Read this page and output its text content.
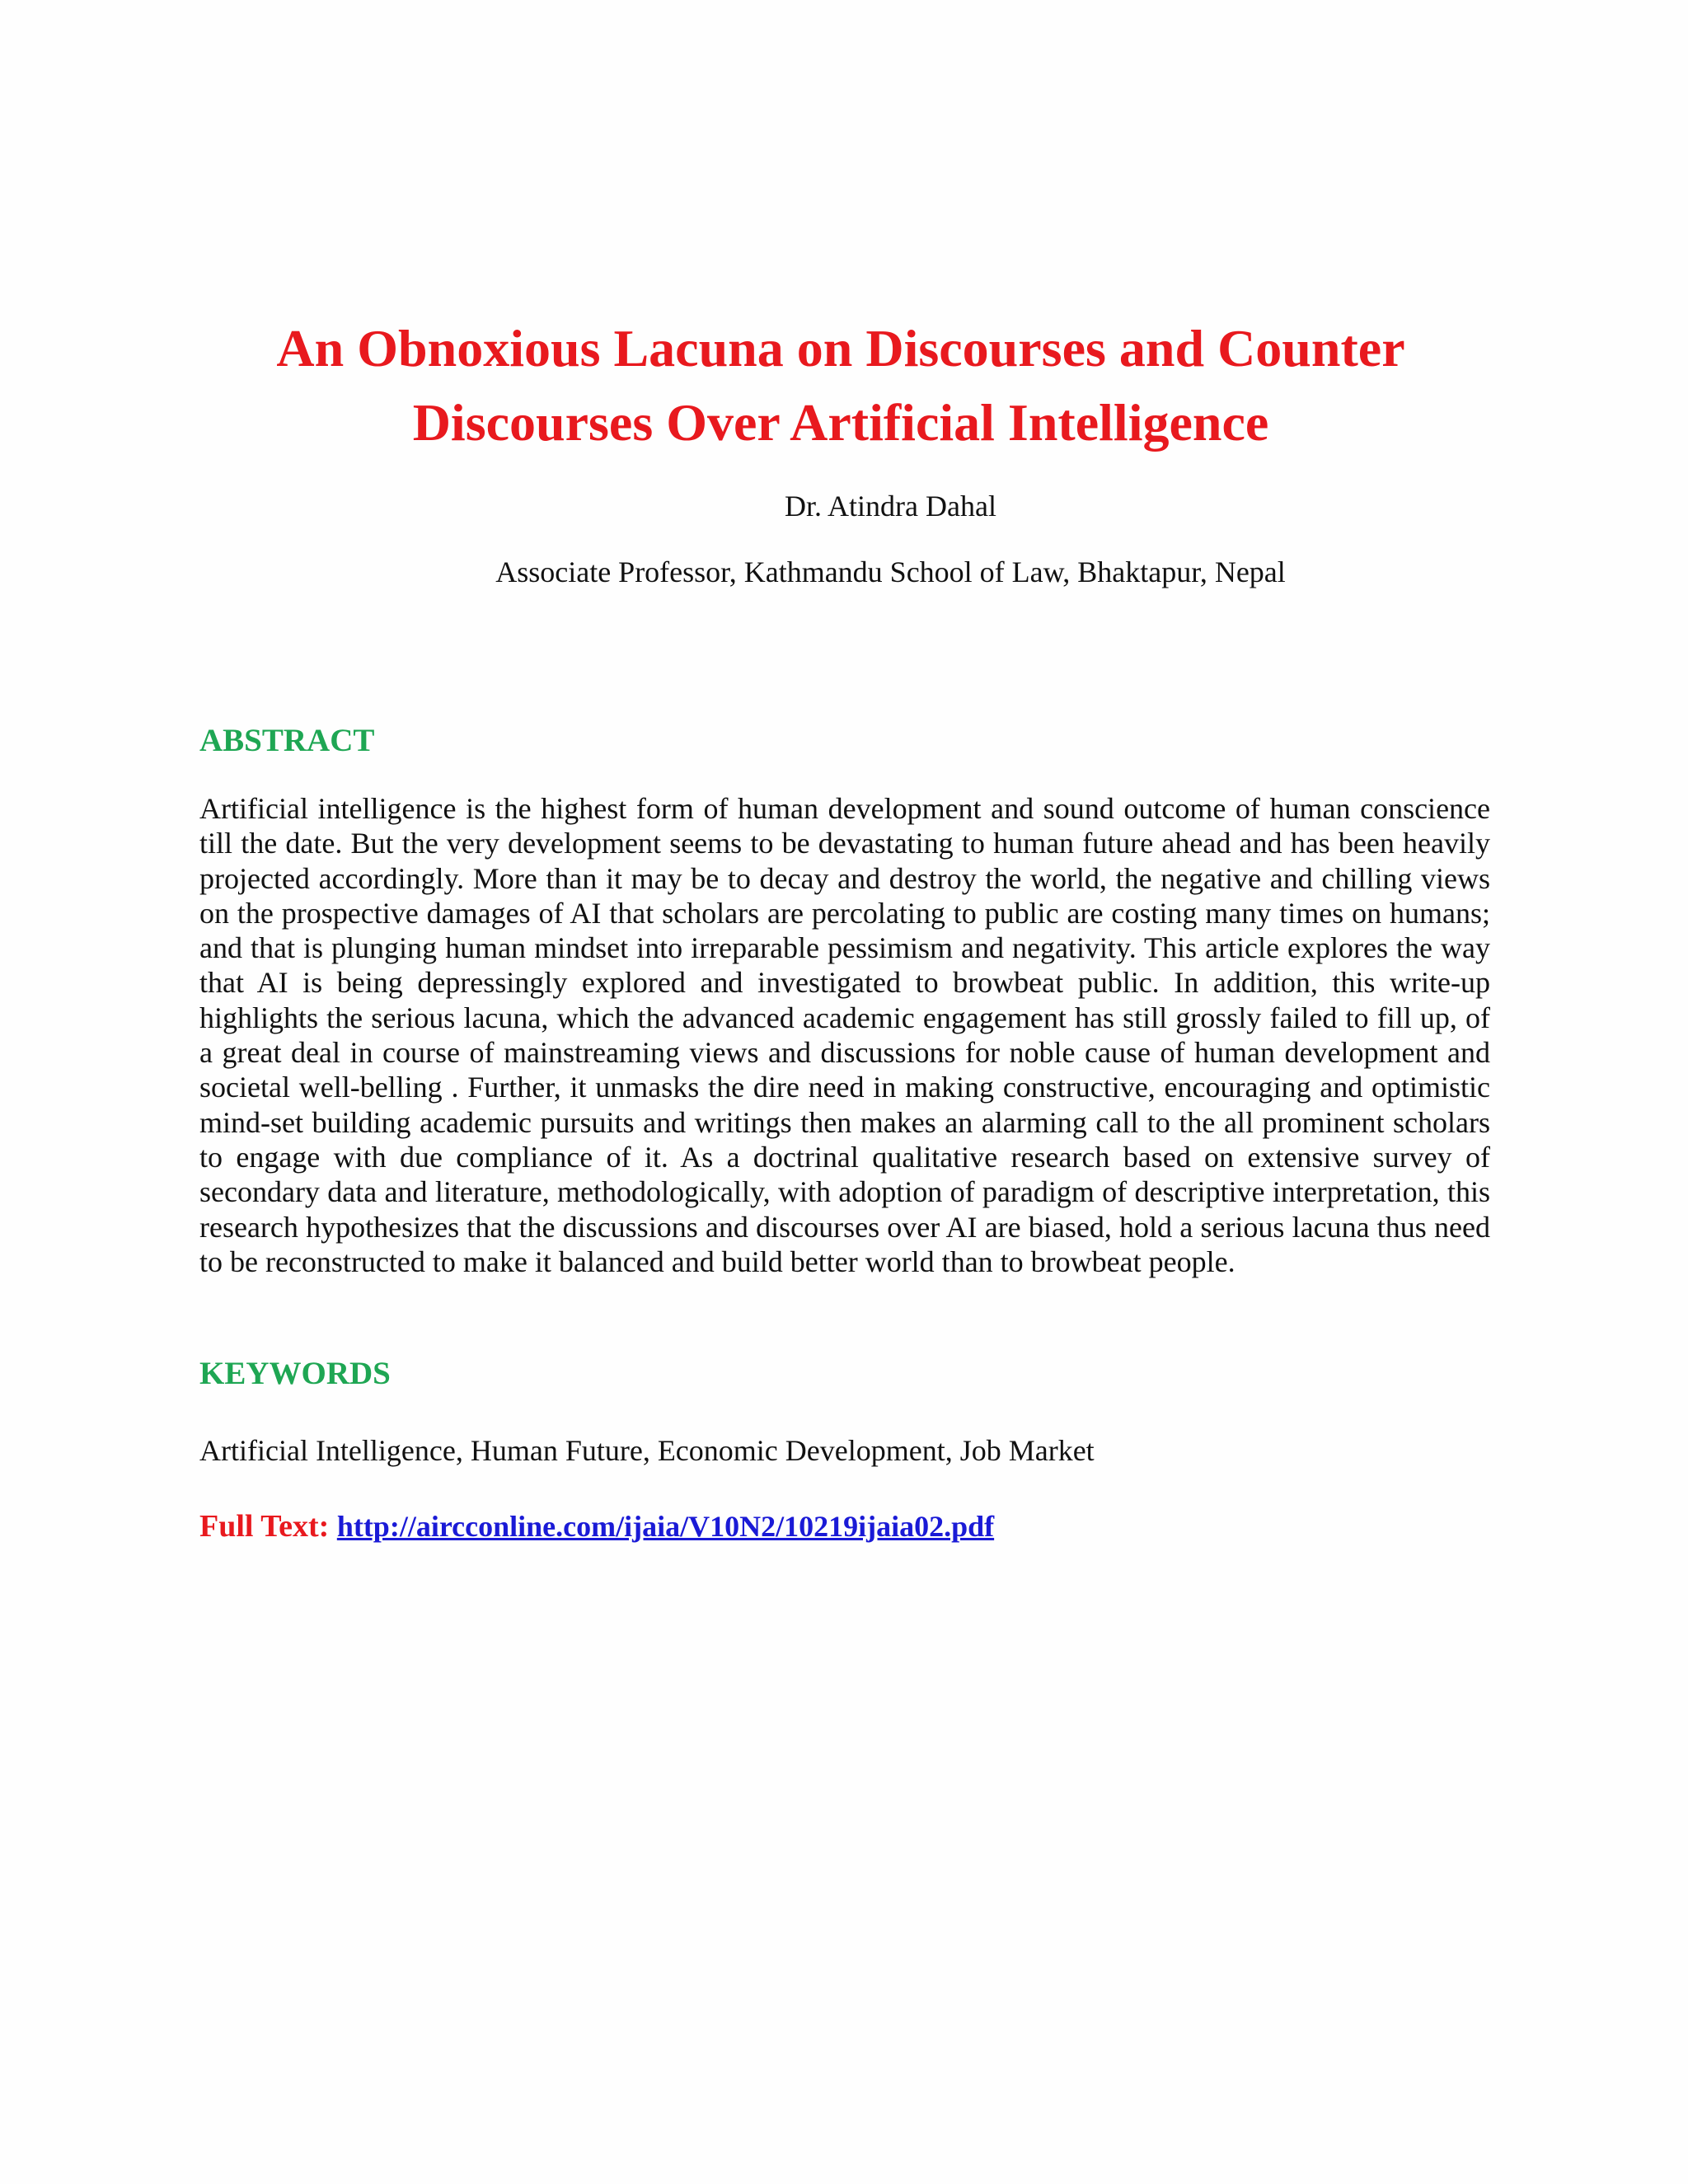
An Obnoxious Lacuna on Discourses and Counter
Discourses Over Artificial Intelligence

Dr. Atindra Dahal

Associate Professor, Kathmandu School of Law, Bhaktapur, Nepal

ABSTRACT

Artificial intelligence is the highest form of human development and sound outcome of human conscience till the date. But the very development seems to be devastating to human future ahead and has been heavily projected accordingly. More than it may be to decay and destroy the world, the negative and chilling views on the prospective damages of AI that scholars are percolating to public are costing many times on humans; and that is plunging human mindset into irreparable pessimism and negativity. This article explores the way that AI is being depressingly explored and investigated to browbeat public. In addition, this write-up highlights the serious lacuna, which the advanced academic engagement has still grossly failed to fill up, of a great deal in course of mainstreaming views and discussions for noble cause of human development and societal well-belling . Further, it unmasks the dire need in making constructive, encouraging and optimistic mind-set building academic pursuits and writings then makes an alarming call to the all prominent scholars to engage with due compliance of it. As a doctrinal qualitative research based on extensive survey of secondary data and literature, methodologically, with adoption of paradigm of descriptive interpretation, this research hypothesizes that the discussions and discourses over AI are biased, hold a serious lacuna thus need to be reconstructed to make it balanced and build better world than to browbeat people.

KEYWORDS

Artificial Intelligence, Human Future, Economic Development, Job Market

Full Text: http://aircconline.com/ijaia/V10N2/10219ijaia02.pdf
